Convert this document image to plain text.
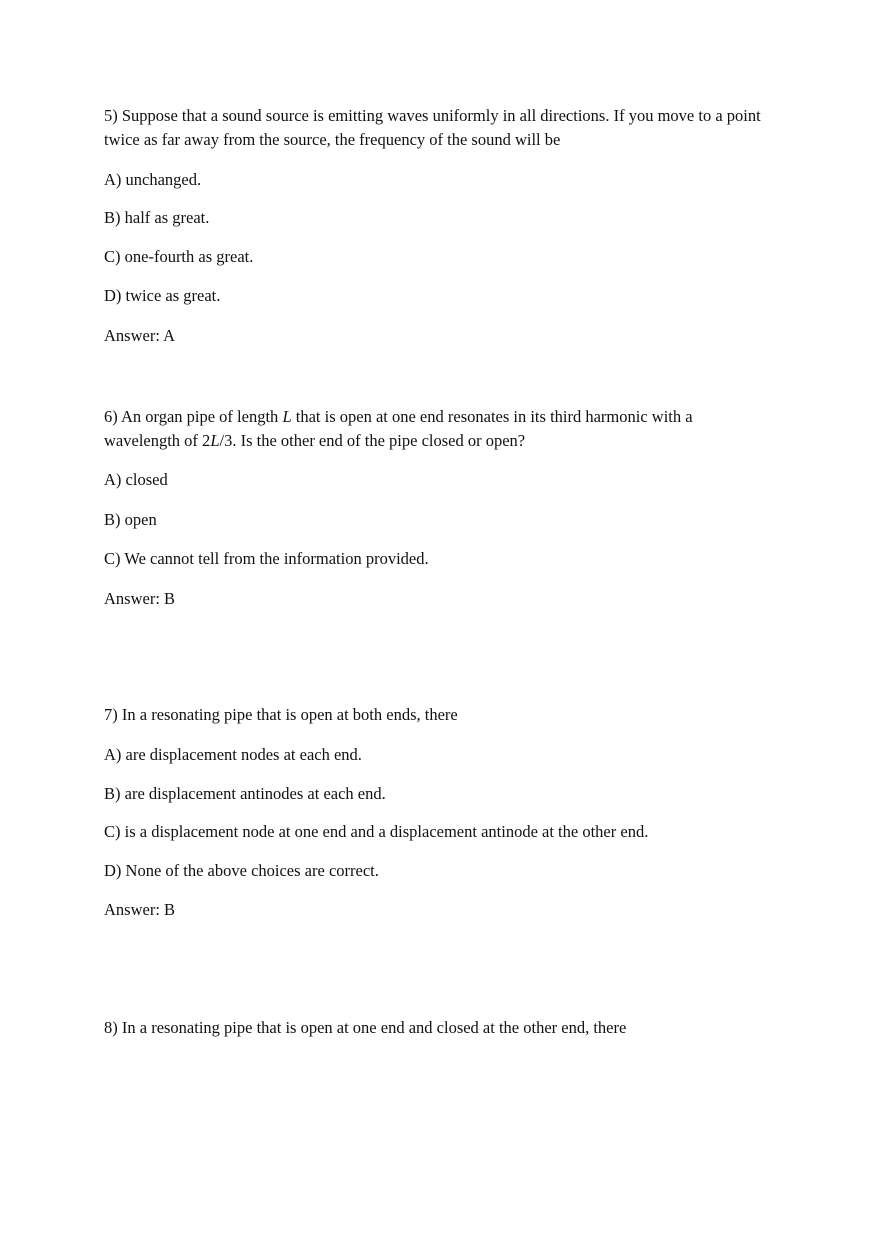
5) Suppose that a sound source is emitting waves uniformly in all directions. If you move to a point twice as far away from the source, the frequency of the sound will be

A) unchanged.

B) half as great.

C) one-fourth as great.

D) twice as great.

Answer: A

6) An organ pipe of length L that is open at one end resonates in its third harmonic with a wavelength of 2L/3. Is the other end of the pipe closed or open?

A) closed

B) open

C) We cannot tell from the information provided.

Answer: B

7) In a resonating pipe that is open at both ends, there

A) are displacement nodes at each end.

B) are displacement antinodes at each end.

C) is a displacement node at one end and a displacement antinode at the other end.

D) None of the above choices are correct.

Answer: B

8) In a resonating pipe that is open at one end and closed at the other end, there
